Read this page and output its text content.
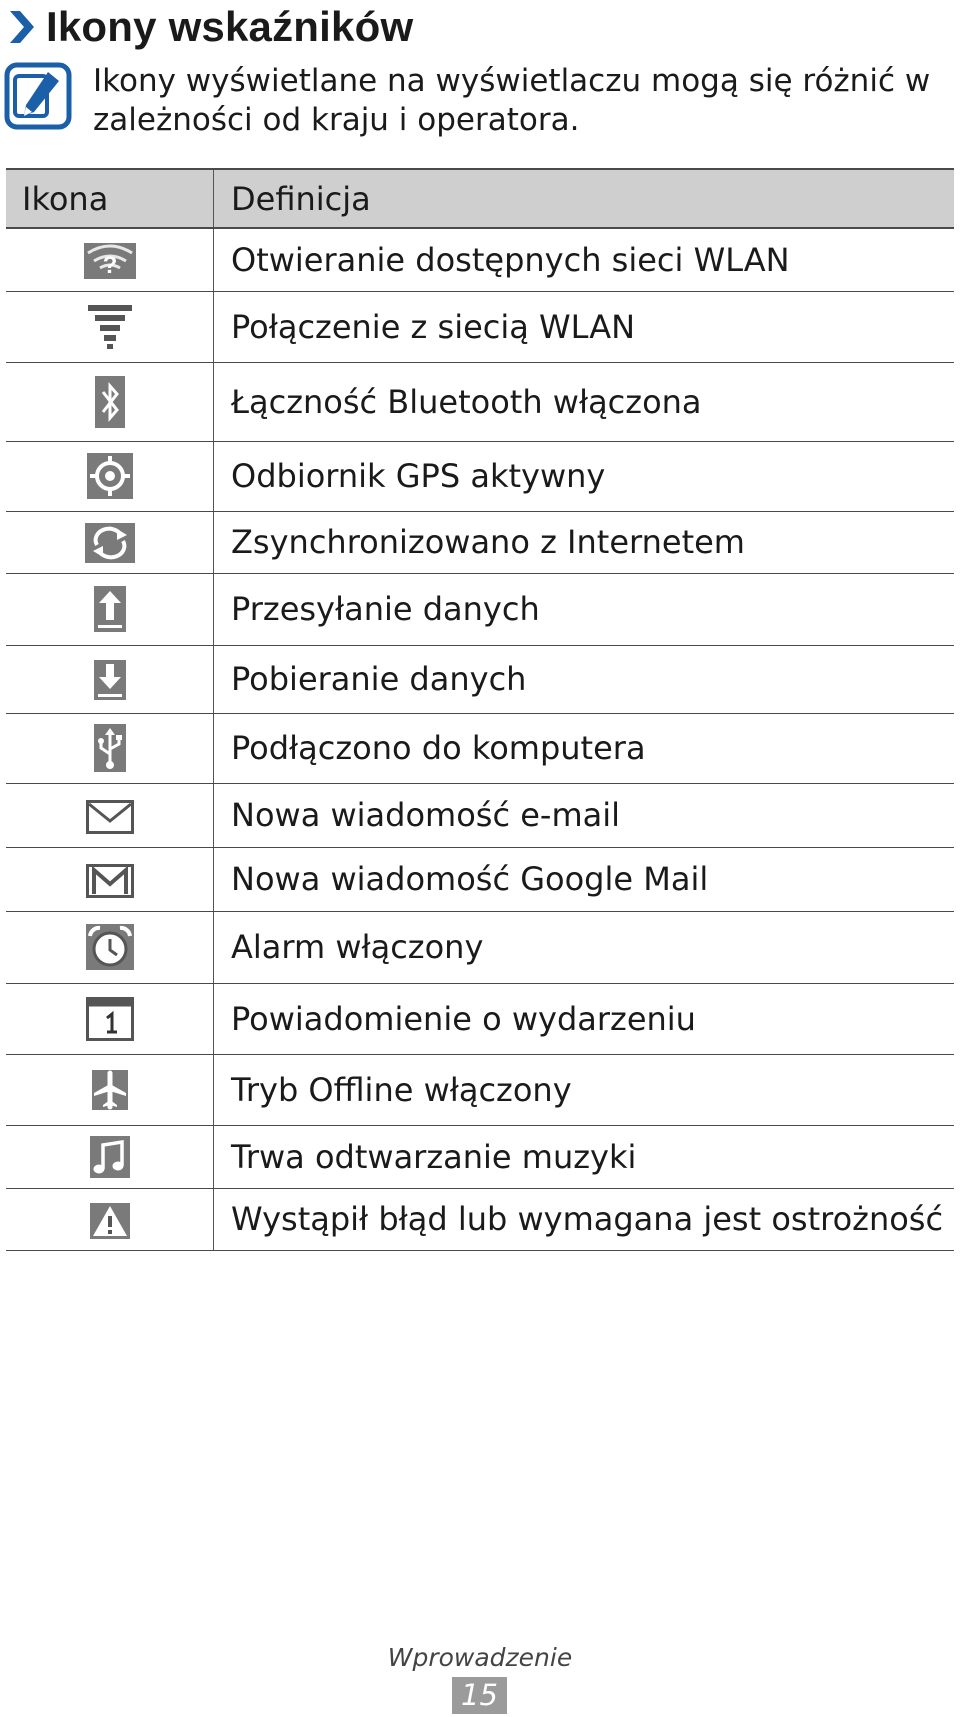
Ikony wskaźników
Ikony wyświetlane na wyświetlaczu mogą się różnić w zależności od kraju i operatora.
Ikona	Definicja

?	Otwieranie dostępnych sieci WLAN

	Połączenie z siecią WLAN

	Łączność Bluetooth włączona

	Odbiornik GPS aktywny

	Zsynchronizowano z Internetem

	Przesyłanie danych

	Pobieranie danych

	Podłączono do komputera

	Nowa wiadomość e-mail

	Nowa wiadomość Google Mail

	Alarm włączony

	Powiadomienie o wydarzeniu

	Tryb Offline włączony

	Trwa odtwarzanie muzyki

	Wystąpił błąd lub wymagana jest ostrożność
Wprowadzenie
15
